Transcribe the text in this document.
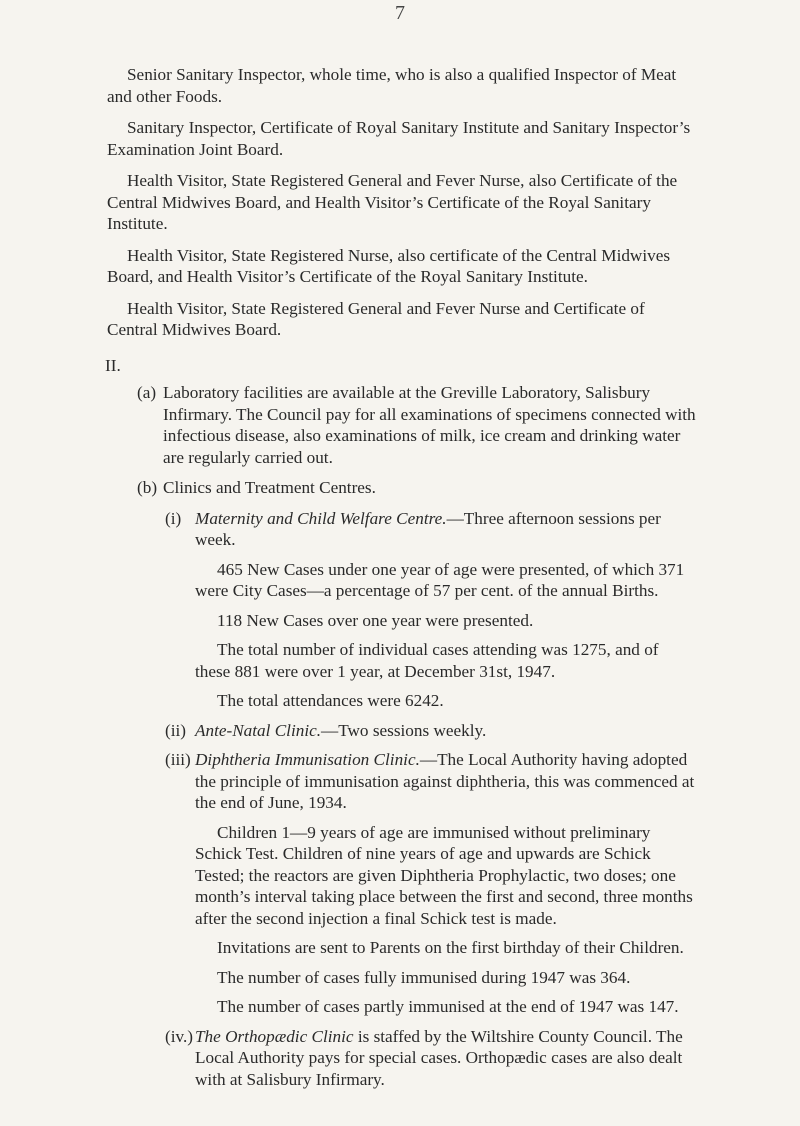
7

Senior Sanitary Inspector, whole time, who is also a qualified Inspector of Meat and other Foods.

Sanitary Inspector, Certificate of Royal Sanitary Institute and Sanitary Inspector’s Examination Joint Board.

Health Visitor, State Registered General and Fever Nurse, also Certificate of the Central Midwives Board, and Health Visitor’s Certificate of the Royal Sanitary Institute.

Health Visitor, State Registered Nurse, also certificate of the Central Midwives Board, and Health Visitor’s Certificate of the Royal Sanitary Institute.

Health Visitor, State Registered General and Fever Nurse and Certificate of Central Midwives Board.

II.
(a) Laboratory facilities are available at the Greville Laboratory, Salisbury Infirmary. The Council pay for all examinations of specimens connected with infectious disease, also examinations of milk, ice cream and drinking water are regularly carried out.
(b) Clinics and Treatment Centres.
(i) Maternity and Child Welfare Centre.—Three afternoon sessions per week.

465 New Cases under one year of age were presented, of which 371 were City Cases—a percentage of 57 per cent. of the annual Births.

118 New Cases over one year were presented.

The total number of individual cases attending was 1275, and of these 881 were over 1 year, at December 31st, 1947.

The total attendances were 6242.

(ii) Ante-Natal Clinic.—Two sessions weekly.
(iii) Diphtheria Immunisation Clinic.—The Local Authority having adopted the principle of immunisation against diphtheria, this was commenced at the end of June, 1934.

Children 1—9 years of age are immunised without preliminary Schick Test. Children of nine years of age and upwards are Schick Tested; the reactors are given Diphtheria Prophylactic, two doses; one month’s interval taking place between the first and second, three months after the second injection a final Schick test is made.

Invitations are sent to Parents on the first birthday of their Children.

The number of cases fully immunised during 1947 was 364.

The number of cases partly immunised at the end of 1947 was 147.

(iv.) The Orthopædic Clinic is staffed by the Wiltshire County Council. The Local Authority pays for special cases. Orthopædic cases are also dealt with at Salisbury Infirmary.
